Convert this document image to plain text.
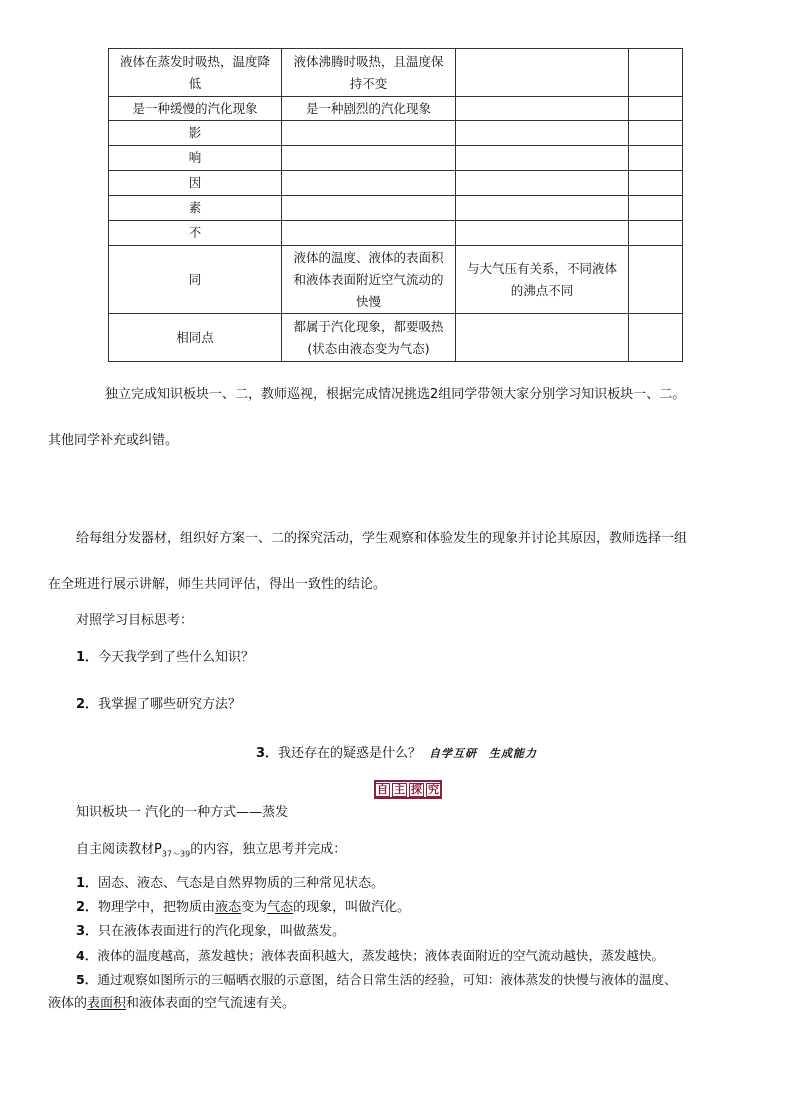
液体在蒸发时吸热，温度降低	液体沸腾时吸热，且温度保持不变		
是一种缓慢的汽化现象	是一种剧烈的汽化现象		
影			
响			
因			
素			
不			
同	液体的温度、液体的表面积和液体表面附近空气流动的快慢	与大气压有关系，不同液体的沸点不同	
相同点	都属于汽化现象，都要吸热(状态由液态变为气态)		
独立完成知识板块一、二，教师巡视，根据完成情况挑选2组同学带领大家分别学习知识板块一、二。
其他同学补充或纠错。
给每组分发器材，组织好方案一、二的探究活动，学生观察和体验发生的现象并讨论其原因，教师选择一组
在全班进行展示讲解，师生共同评估，得出一致性的结论。
对照学习目标思考：
1．今天我学到了些什么知识？
2．我掌握了哪些研究方法？
3．我还存在的疑惑是什么？ 自学互研　生成能力
自 主 探 究
知识板块一 汽化的一种方式——蒸发
自主阅读教材$P_{37\sim 39}$的内容，独立思考并完成：
1．固态、液态、气态是自然界物质的三种常见状态。
2．物理学中，把物质由液态变为气态的现象，叫做汽化。
3．只在液体表面进行的汽化现象，叫做蒸发。
4．液体的温度越高，蒸发越快；液体表面积越大，蒸发越快；液体表面附近的空气流动越快，蒸发越快。
5．通过观察如图所示的三幅晒衣服的示意图，结合日常生活的经验，可知：液体蒸发的快慢与液体的温度、
液体的表面积和液体表面的空气流速有关。
